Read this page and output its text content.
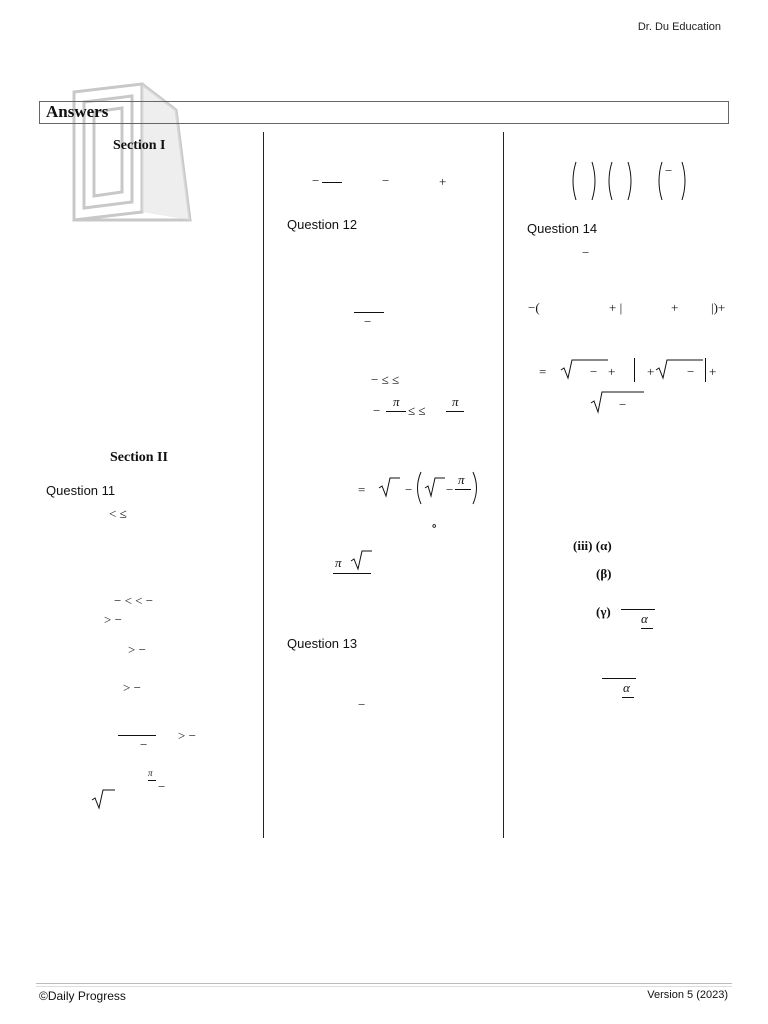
Dr. Du Education
Answers
Section I
Section II
Question 11
< ≤
− < < −
> −
> −
> −
−
> −
π
−
−	−	+
Question 12
−
− ≤ ≤
−
π
≤ ≤
π
=	−	−
π
∘
π
Question 13
−
−
Question 14
−
−(	+ |	+	|)+
=	− + +	− +
−
(iii) (α)
(β)
(γ) α
α
©Daily Progress	Version 5 (2023)
